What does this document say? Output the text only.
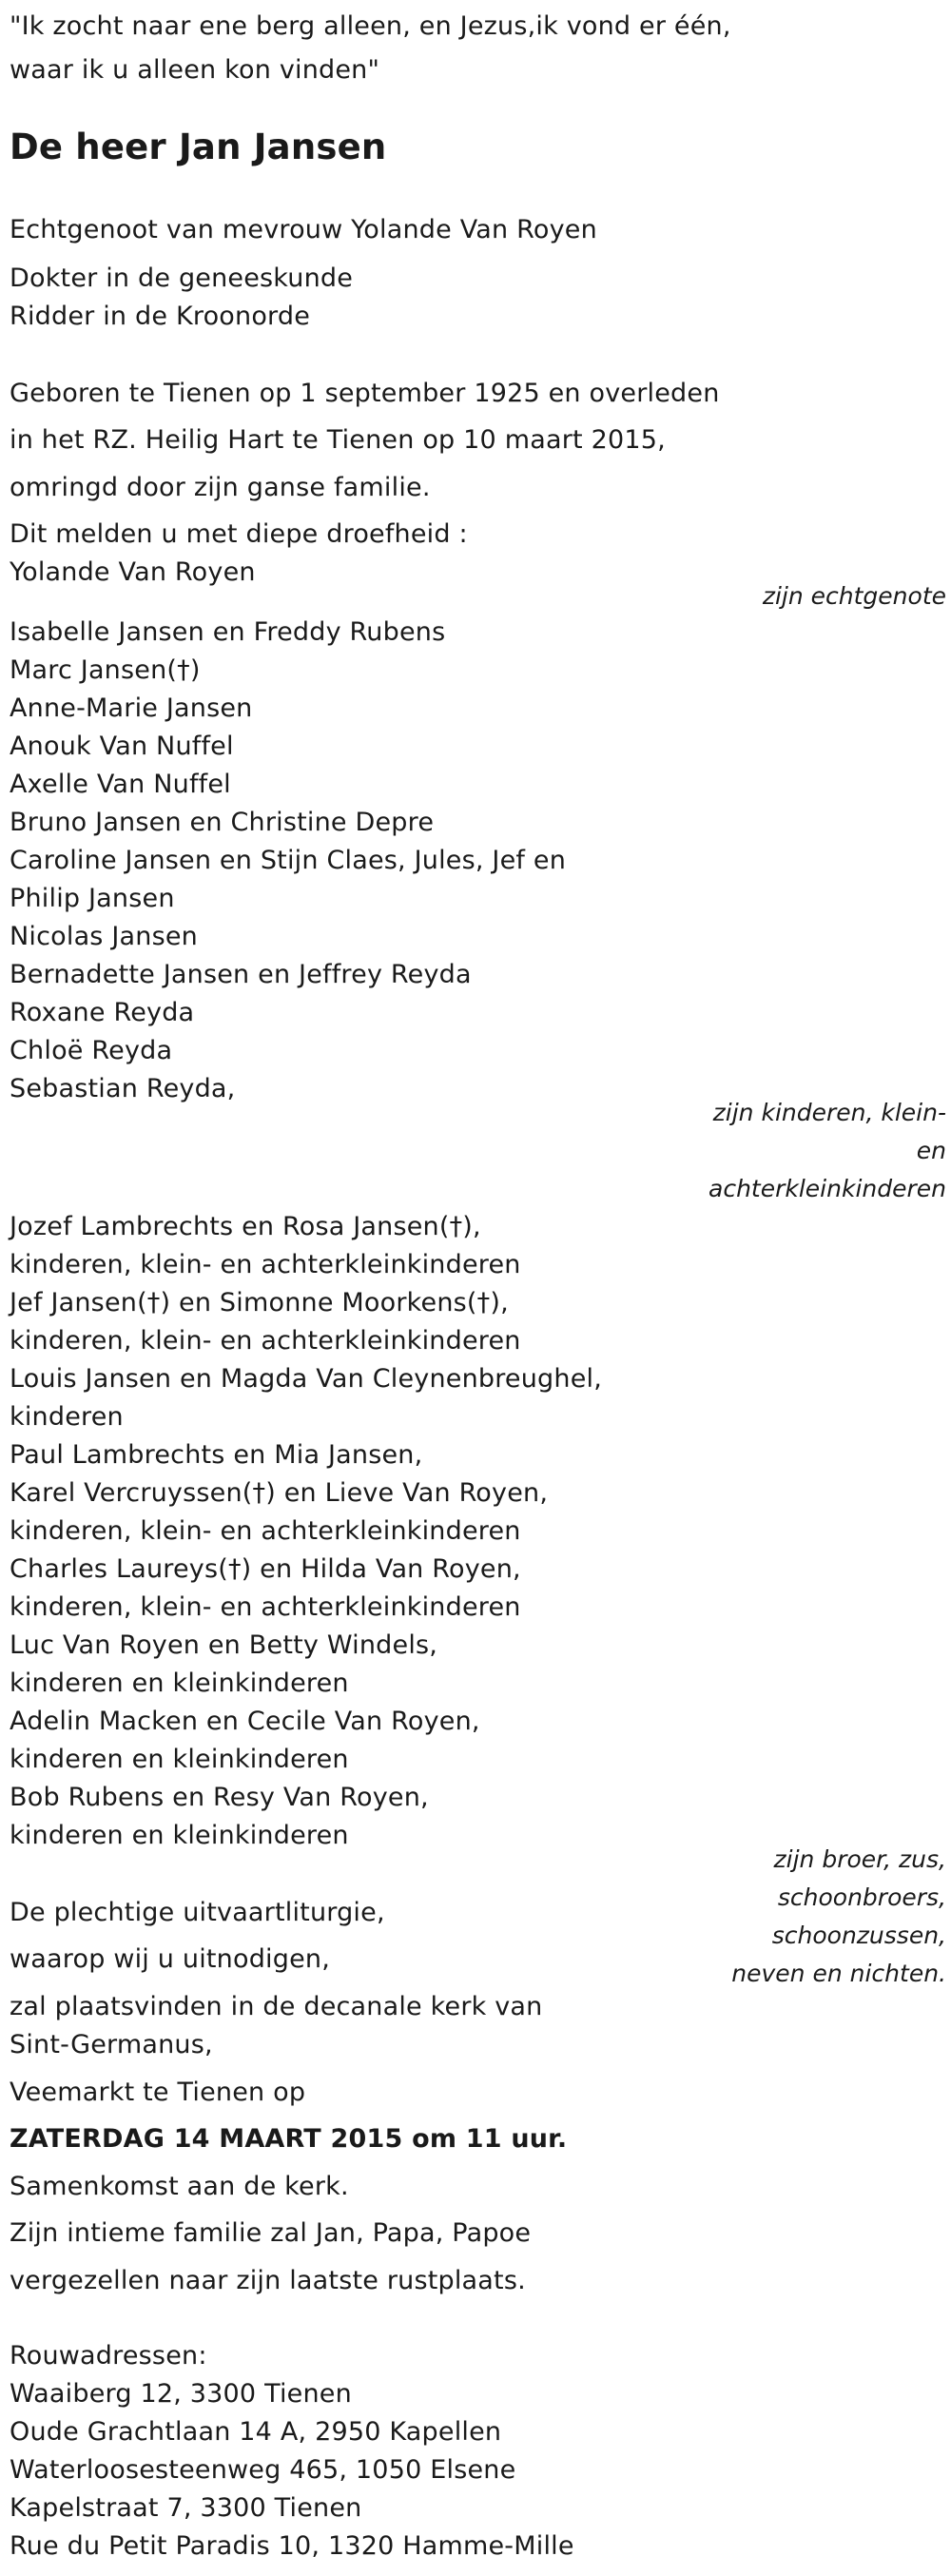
"Ik zocht naar ene berg alleen, en Jezus,ik vond er één,
waar ik u alleen kon vinden"
De heer Jan Jansen
Echtgenoot van mevrouw Yolande Van Royen
Dokter in de geneeskunde
Ridder in de Kroonorde
Geboren te Tienen op 1 september 1925 en overleden
in het RZ. Heilig Hart te Tienen op 10 maart 2015,
omringd door zijn ganse familie.
Dit melden u met diepe droefheid :
Yolande Van Royen
zijn echtgenote
Isabelle Jansen en Freddy Rubens
Marc Jansen(†)
Anne-Marie Jansen
Anouk Van Nuffel
Axelle Van Nuffel
Bruno Jansen en Christine Depre
Caroline Jansen en Stijn Claes, Jules, Jef en
Philip Jansen
Nicolas Jansen
Bernadette Jansen en Jeffrey Reyda
Roxane Reyda
Chloë Reyda
Sebastian Reyda,
zijn kinderen, klein-
en
achterkleinkinderen
Jozef Lambrechts en Rosa Jansen(†),
kinderen, klein- en achterkleinkinderen
Jef Jansen(†) en Simonne Moorkens(†),
kinderen, klein- en achterkleinkinderen
Louis Jansen en Magda Van Cleynenbreughel,
kinderen
Paul Lambrechts en Mia Jansen,
Karel Vercruyssen(†) en Lieve Van Royen,
kinderen, klein- en achterkleinkinderen
Charles Laureys(†) en Hilda Van Royen,
kinderen, klein- en achterkleinkinderen
Luc Van Royen en Betty Windels,
kinderen en kleinkinderen
Adelin Macken en Cecile Van Royen,
kinderen en kleinkinderen
Bob Rubens en Resy Van Royen,
kinderen en kleinkinderen
zijn broer, zus,
schoonbroers,
schoonzussen,
neven en nichten.
De plechtige uitvaartliturgie,
waarop wij u uitnodigen,
zal plaatsvinden in de decanale kerk van
Sint-Germanus,
Veemarkt te Tienen op
ZATERDAG 14 MAART 2015 om 11 uur.
Samenkomst aan de kerk.
Zijn intieme familie zal Jan, Papa, Papoe
vergezellen naar zijn laatste rustplaats.
Rouwadressen:
Waaiberg 12, 3300 Tienen
Oude Grachtlaan 14 A, 2950 Kapellen
Waterloosesteenweg 465, 1050 Elsene
Kapelstraat 7, 3300 Tienen
Rue du Petit Paradis 10, 1320 Hamme-Mille
